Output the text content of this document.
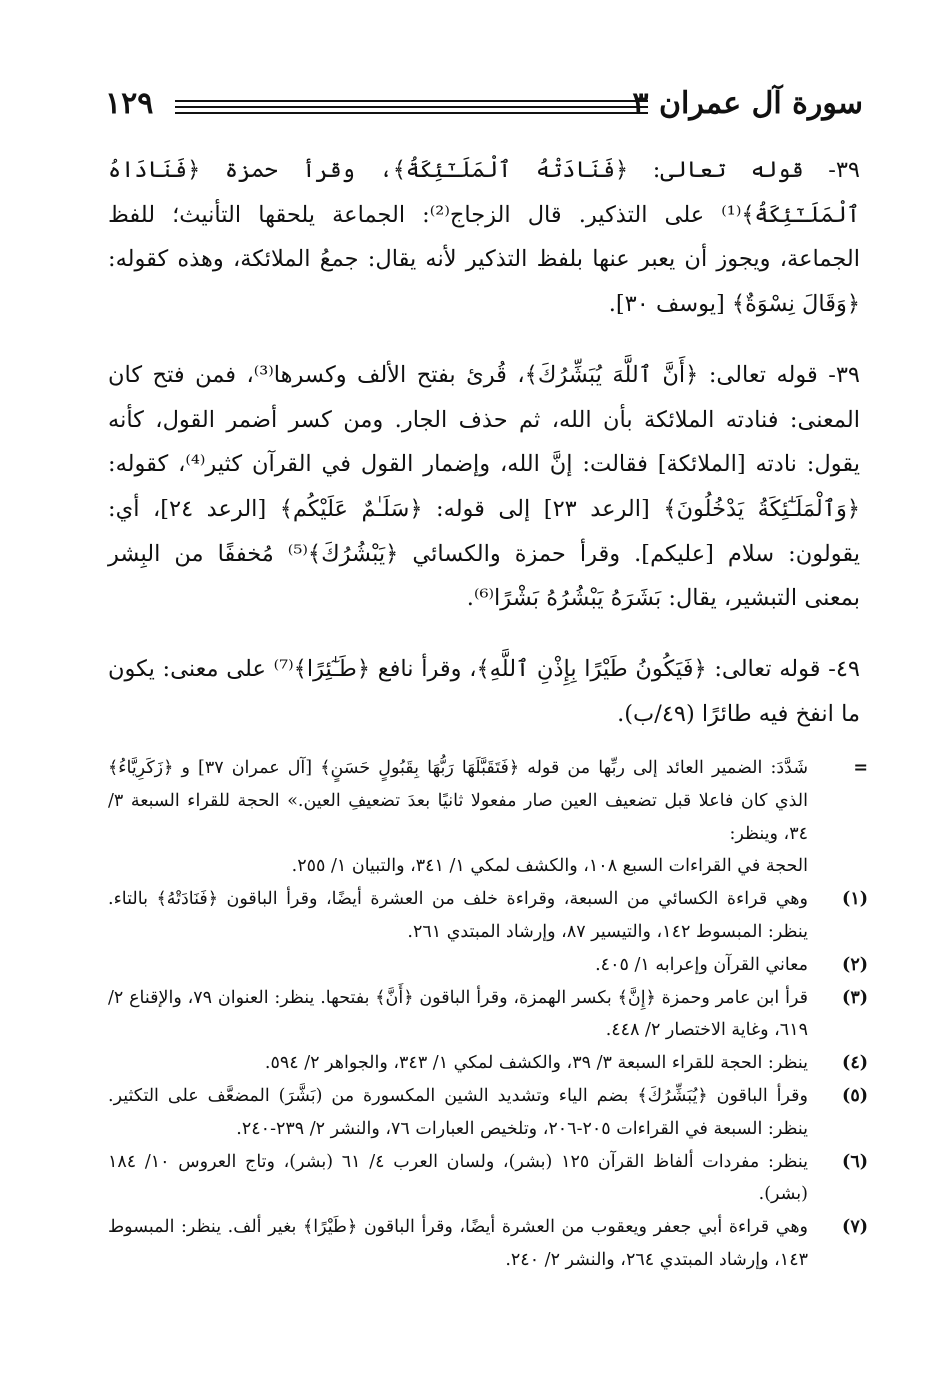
سورة آل عمران ٣
١٢٩

٣٩- قوله تعالى: ﴿فَنَادَتْهُ ٱلْمَلَـٰٓئِكَةُ﴾، وقرأ حمزة ﴿فَنَادَاهُ ٱلْمَلَـٰٓئِكَةُ﴾⁽¹⁾ على التذكير. قال الزجاج⁽²⁾: الجماعة يلحقها التأنيث؛ للفظ الجماعة، ويجوز أن يعبر عنها بلفظ التذكير لأنه يقال: جمعُ الملائكة، وهذه كقوله: ﴿وَقَالَ نِسْوَةٌ﴾ [يوسف ٣٠].

٣٩- قوله تعالى: ﴿أَنَّ ٱللَّهَ يُبَشِّرُكَ﴾، قُرئ بفتح الألف وكسرها⁽³⁾، فمن فتح كان المعنى: فنادته الملائكة بأن الله، ثم حذف الجار. ومن كسر أضمر القول، كأنه يقول: نادته [الملائكة] فقالت: إنَّ الله، وإضمار القول في القرآن كثير⁽⁴⁾، كقوله: ﴿وَٱلْمَلَـٰٓئِكَةُ يَدْخُلُونَ﴾ [الرعد ٢٣] إلى قوله: ﴿سَلَـٰمٌ عَلَيْكُم﴾ [الرعد ٢٤]، أي: يقولون: سلام [عليكم]. وقرأ حمزة والكسائي ﴿يَبْشُرُكَ﴾⁽⁵⁾ مُخففًا من البِشر بمعنى التبشير، يقال: بَشَرَهُ يَبْشُرُهُ بَشْرًا⁽⁶⁾.

٤٩- قوله تعالى: ﴿فَيَكُونُ طَيْرًا بِإِذْنِ ٱللَّهِ﴾، وقرأ نافع ﴿طَـٰٓئِرًا﴾⁽⁷⁾ على معنى: يكون ما انفخ فيه طائرًا (٤٩/ب).

=
شَدَّدَ: الضمير العائد إلى ربِّها من قوله ﴿فَتَقَبَّلَهَا رَبُّهَا بِقَبُولٍ حَسَنٍ﴾ [آل عمران ٣٧] و ﴿زَكَرِيَّاءُ﴾ الذي كان فاعلا قبل تضعيف العين صار مفعولا ثانيًا بعدَ تضعيفِ العين.» الحجة للقراء السبعة ٣/ ٣٤، وينظر:
الحجة في القراءات السبع ١٠٨، والكشف لمكي ١/ ٣٤١، والتبيان ١/ ٢٥٥.
(١)
وهي قراءة الكسائي من السبعة، وقراءة خلف من العشرة أيضًا، وقرأ الباقون ﴿فَنَادَتْهُ﴾ بالتاء. ينظر: المبسوط ١٤٢، والتيسير ٨٧، وإرشاد المبتدي ٢٦١.
(٢)
معاني القرآن وإعرابه ١/ ٤٠٥.
(٣)
قرأ ابن عامر وحمزة ﴿إِنَّ﴾ بكسر الهمزة، وقرأ الباقون ﴿أَنَّ﴾ بفتحها. ينظر: العنوان ٧٩، والإقناع ٢/ ٦١٩، وغاية الاختصار ٢/ ٤٤٨.
(٤)
ينظر: الحجة للقراء السبعة ٣/ ٣٩، والكشف لمكي ١/ ٣٤٣، والجواهر ٢/ ٥٩٤.
(٥)
وقرأ الباقون ﴿يُبَشِّرُكَ﴾ بضم الياء وتشديد الشين المكسورة من (بَشَّرَ) المضعَّف على التكثير. ينظر: السبعة في القراءات ٢٠٥-٢٠٦، وتلخيص العبارات ٧٦، والنشر ٢/ ٢٣٩-٢٤٠.
(٦)
ينظر: مفردات ألفاظ القرآن ١٢٥ (بشر)، ولسان العرب ٤/ ٦١ (بشر)، وتاج العروس ١٠/ ١٨٤ (بشر).
(٧)
وهي قراءة أبي جعفر ويعقوب من العشرة أيضًا، وقرأ الباقون ﴿طَيْرًا﴾ بغير ألف. ينظر: المبسوط ١٤٣، وإرشاد المبتدي ٢٦٤، والنشر ٢/ ٢٤٠.
